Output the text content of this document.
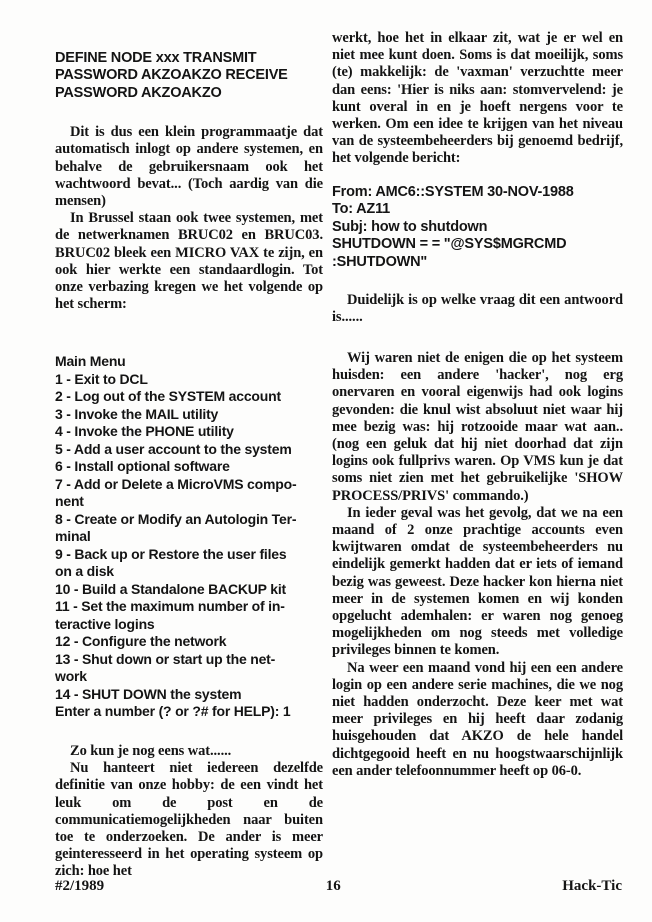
DEFINE NODE xxx TRANSMIT
PASSWORD AKZOAKZO RECEIVE
PASSWORD AKZOAKZO

Dit is dus een klein programmaatje dat automatisch inlogt op andere systemen, en behalve de gebruikersnaam ook het wachtwoord bevat... (Toch aardig van die mensen)

In Brussel staan ook twee systemen, met de netwerknamen BRUC02 en BRUC03. BRUC02 bleek een MICRO VAX te zijn, en ook hier werkte een standaardlogin. Tot onze verbazing kregen we het volgende op het scherm:

Main Menu
1 - Exit to DCL
2 - Log out of the SYSTEM account
3 - Invoke the MAIL utility
4 - Invoke the PHONE utility
5 - Add a user account to the system
6 - Install optional software
7 - Add or Delete a MicroVMS compo-
nent
8 - Create or Modify an Autologin Ter-
minal
9 - Back up or Restore the user files
on a disk
10 - Build a Standalone BACKUP kit
11 - Set the maximum number of in-
teractive logins
12 - Configure the network
13 - Shut down or start up the net-
work
14 - SHUT DOWN the system
Enter a number (? or ?# for HELP): 1

Zo kun je nog eens wat......

Nu hanteert niet iedereen dezelfde definitie van onze hobby: de een vindt het leuk om de post en de communicatiemogelijkheden naar buiten toe te onderzoeken. De ander is meer geinteresseerd in het operating systeem op zich: hoe het

werkt, hoe het in elkaar zit, wat je er wel en niet mee kunt doen. Soms is dat moeilijk, soms (te) makkelijk: de 'vaxman' verzuchtte meer dan eens: 'Hier is niks aan: stomvervelend: je kunt overal in en je hoeft nergens voor te werken. Om een idee te krijgen van het niveau van de systeembeheerders bij genoemd bedrijf, het volgende bericht:

From: AMC6::SYSTEM 30-NOV-1988
To: AZ11
Subj: how to shutdown
SHUTDOWN = = "@SYS$MGRCMD
:SHUTDOWN"

Duidelijk is op welke vraag dit een antwoord is......

Wij waren niet de enigen die op het systeem huisden: een andere 'hacker', nog erg onervaren en vooral eigenwijs had ook logins gevonden: die knul wist absoluut niet waar hij mee bezig was: hij rotzooide maar wat aan..(nog een geluk dat hij niet doorhad dat zijn logins ook fullprivs waren. Op VMS kun je dat soms niet zien met het gebruikelijke 'SHOW PROCESS/PRIVS' commando.)

In ieder geval was het gevolg, dat we na een maand of 2 onze prachtige accounts even kwijtwaren omdat de systeembeheerders nu eindelijk gemerkt hadden dat er iets of iemand bezig was geweest. Deze hacker kon hierna niet meer in de systemen komen en wij konden opgelucht ademhalen: er waren nog genoeg mogelijkheden om nog steeds met volledige privileges binnen te komen.

Na weer een maand vond hij een een andere login op een andere serie machines, die we nog niet hadden onderzocht. Deze keer met wat meer privileges en hij heeft daar zodanig huisgehouden dat AKZO de hele handel dichtgegooid heeft en nu hoogstwaarschijnlijk een ander telefoonnummer heeft op 06-0.

#2/1989	16	Hack-Tic
